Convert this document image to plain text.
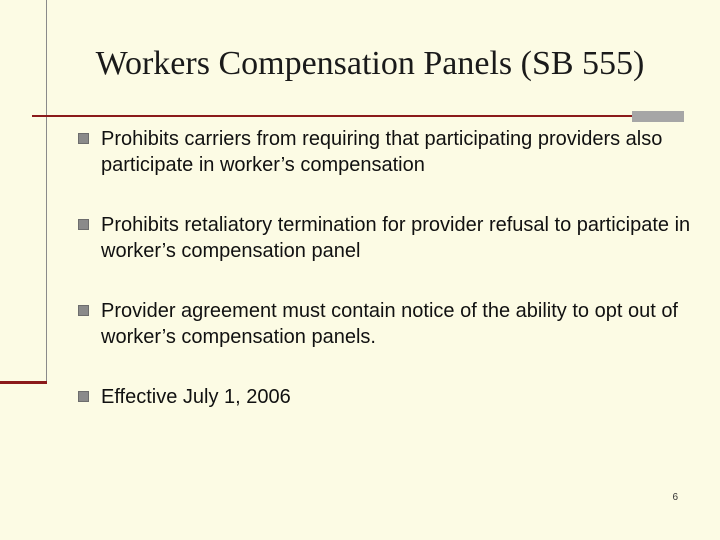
Workers Compensation Panels (SB 555)
Prohibits carriers from requiring that participating providers also participate in worker’s compensation
Prohibits retaliatory termination for provider refusal to participate in worker’s compensation panel
Provider agreement must contain notice of the ability to opt out of worker’s compensation panels.
Effective July 1, 2006
6
